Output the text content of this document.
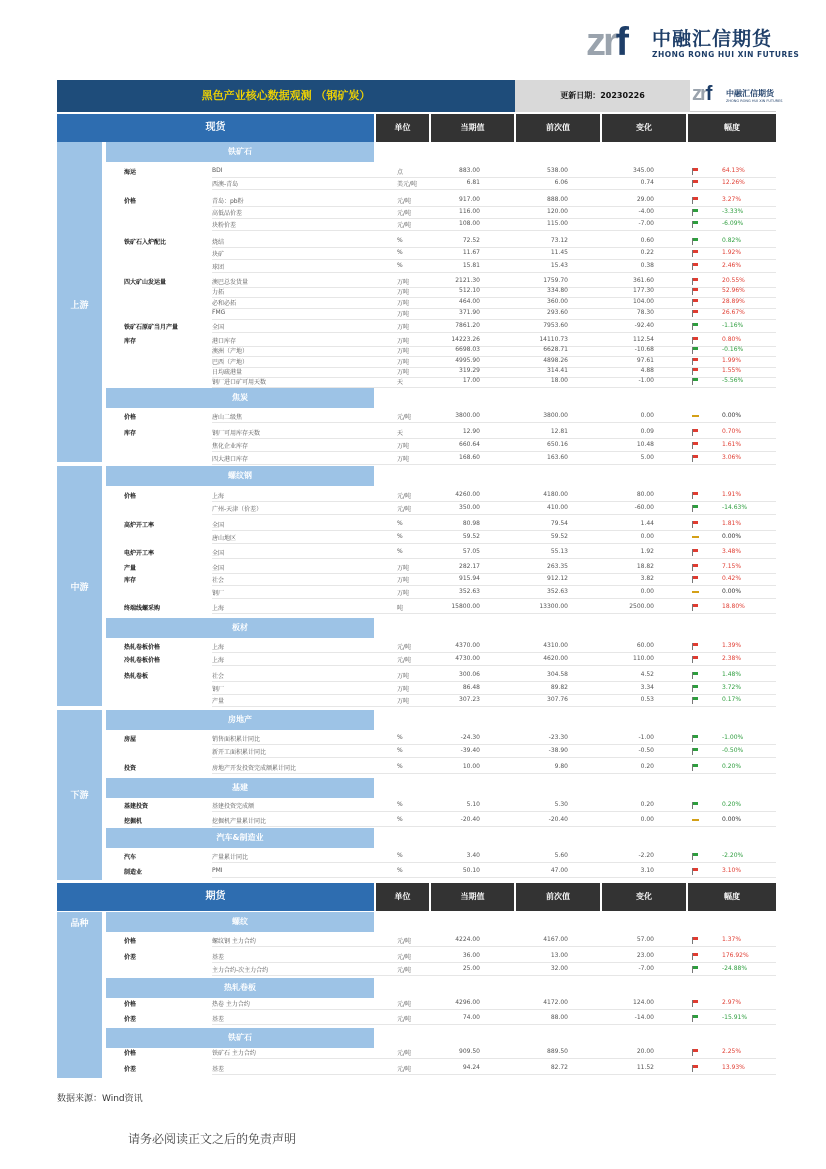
zrf 中融汇信期货
ZHONG RONG HUI XIN FUTURES
黑色产业核心数据观测 （钢矿炭）	更新日期：20230226	zrf 中融汇信期货
ZHONG RONG HUI XIN FUTURES
现货	单位	当期值	前次值	变化	幅度
期货	单位	当期值	前次值	变化	幅度
上游
中游
下游
品种
铁矿石
焦炭
螺纹钢
板材
房地产
基建
汽车&制造业
螺纹
热轧卷板
铁矿石
海运	BDI	点	883.00	538.00	345.00	64.13%
西澳-青岛	美元/吨	6.81	6.06	0.74	12.26%
价格	青岛：pb粉	元/吨	917.00	888.00	29.00	3.27%
高低品价差	元/吨	116.00	120.00	-4.00	-3.33%
块粉价差	元/吨	108.00	115.00	-7.00	-6.09%
铁矿石入炉配比	烧结	%	72.52	73.12	0.60	0.82%
块矿	%	11.67	11.45	0.22	1.92%
球团	%	15.81	15.43	0.38	2.46%
四大矿山发运量	澳巴总发货量	万吨	2121.30	1759.70	361.60	20.55%
力拓	万吨	512.10	334.80	177.30	52.96%
必和必拓	万吨	464.00	360.00	104.00	28.89%
FMG	万吨	371.90	293.60	78.30	26.67%
铁矿石原矿当月产量	全国	万吨	7861.20	7953.60	-92.40	-1.16%
库存	港口库存	万吨	14223.26	14110.73	112.54	0.80%
澳洲（产地）	万吨	6698.03	6628.71	-10.68	-0.16%
巴西（产地）	万吨	4995.90	4898.26	97.61	1.99%
日均疏港量	万吨	319.29	314.41	4.88	1.55%
钢厂进口矿可用天数	天	17.00	18.00	-1.00	-5.56%
价格	唐山二级焦	元/吨	3800.00	3800.00	0.00	0.00%
库存	钢厂可用库存天数	天	12.90	12.81	0.09	0.70%
焦化企业库存	万吨	660.64	650.16	10.48	1.61%
四大港口库存	万吨	168.60	163.60	5.00	3.06%
价格	上海	元/吨	4260.00	4180.00	80.00	1.91%
广州-天津（价差）	元/吨	350.00	410.00	-60.00	-14.63%
高炉开工率	全国	%	80.98	79.54	1.44	1.81%
唐山地区	%	59.52	59.52	0.00	0.00%
电炉开工率	全国	%	57.05	55.13	1.92	3.48%
产量	全国	万吨	282.17	263.35	18.82	7.15%
库存	社会	万吨	915.94	912.12	3.82	0.42%
钢厂	万吨	352.63	352.63	0.00	0.00%
终端线螺采购	上海	吨	15800.00	13300.00	2500.00	18.80%
热轧卷板价格	上海	元/吨	4370.00	4310.00	60.00	1.39%
冷轧卷板价格	上海	元/吨	4730.00	4620.00	110.00	2.38%
热轧卷板	社会	万吨	300.06	304.58	4.52	1.48%
钢厂	万吨	86.48	89.82	3.34	3.72%
产量	万吨	307.23	307.76	0.53	0.17%
房屋	销售面积累计同比	%	-24.30	-23.30	-1.00	-1.00%
新开工面积累计同比	%	-39.40	-38.90	-0.50	-0.50%
投资	房地产开发投资完成额累计同比	%	10.00	9.80	0.20	0.20%
基建投资	基建投资完成额	%	5.10	5.30	0.20	0.20%
挖掘机	挖掘机产量累计同比	%	-20.40	-20.40	0.00	0.00%
汽车	产量累计同比	%	3.40	5.60	-2.20	-2.20%
制造业	PMI	%	50.10	47.00	3.10	3.10%
价格	螺纹钢 主力合约	元/吨	4224.00	4167.00	57.00	1.37%
价差	基差	元/吨	36.00	13.00	23.00	176.92%
主力合约-次主力合约	元/吨	25.00	32.00	-7.00	-24.88%
价格	热卷 主力合约	元/吨	4296.00	4172.00	124.00	2.97%
价差	基差	元/吨	74.00	88.00	-14.00	-15.91%
价格	铁矿石 主力合约	元/吨	909.50	889.50	20.00	2.25%
价差	基差	元/吨	94.24	82.72	11.52	13.93%
数据来源：Wind资讯
请务必阅读正文之后的免责声明
